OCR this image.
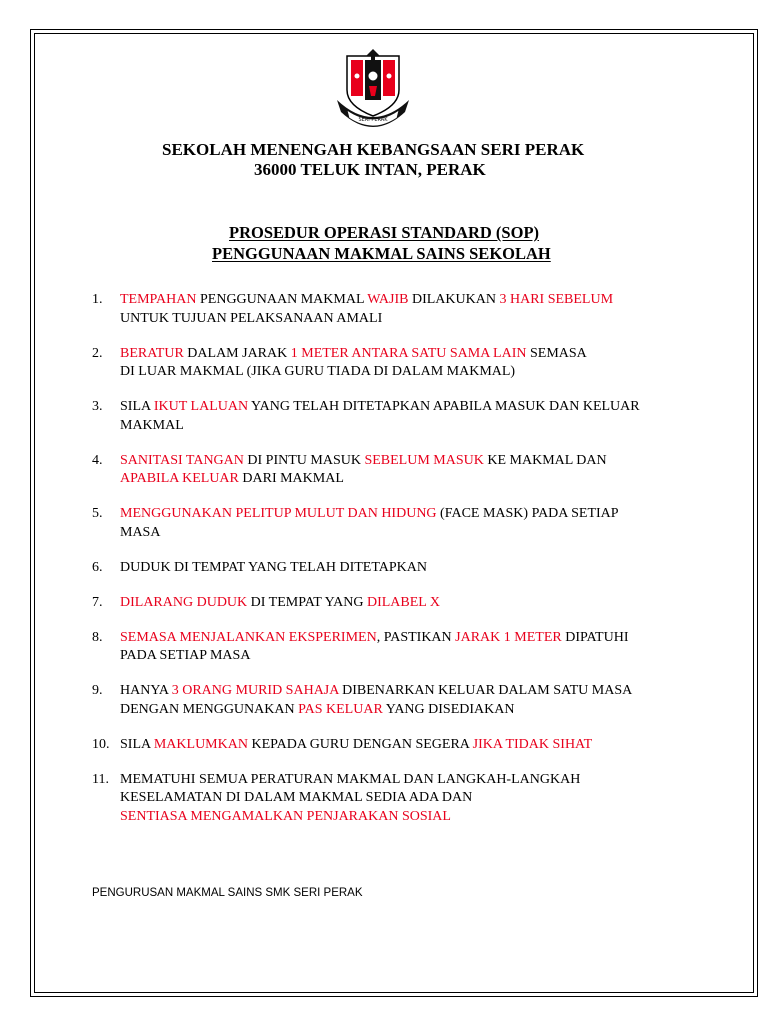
SERI PERAK
SEKOLAH MENENGAH KEBANGSAAN SERI PERAK
36000 TELUK INTAN, PERAK
PROSEDUR OPERASI STANDARD (SOP)
PENGGUNAAN MAKMAL SAINS SEKOLAH
1.	TEMPAHAN PENGGUNAAN MAKMAL WAJIB DILAKUKAN 3 HARI SEBELUM
UNTUK TUJUAN PELAKSANAAN AMALI
2.	BERATUR DALAM JARAK 1 METER ANTARA SATU SAMA LAIN SEMASA
DI LUAR MAKMAL (JIKA GURU TIADA DI DALAM MAKMAL)
3.	SILA IKUT LALUAN YANG TELAH DITETAPKAN APABILA MASUK DAN KELUAR
MAKMAL
4.	SANITASI TANGAN DI PINTU MASUK SEBELUM MASUK KE MAKMAL DAN
APABILA KELUAR DARI MAKMAL
5.	MENGGUNAKAN PELITUP MULUT DAN HIDUNG (FACE MASK) PADA SETIAP
MASA
6.	DUDUK DI TEMPAT YANG TELAH DITETAPKAN
7.	DILARANG DUDUK DI TEMPAT YANG DILABEL X
8.	SEMASA MENJALANKAN EKSPERIMEN, PASTIKAN JARAK 1 METER DIPATUHI
PADA SETIAP MASA
9.	HANYA 3 ORANG MURID SAHAJA DIBENARKAN KELUAR DALAM SATU MASA
DENGAN MENGGUNAKAN PAS KELUAR YANG DISEDIAKAN
10. SILA MAKLUMKAN KEPADA GURU DENGAN SEGERA JIKA TIDAK SIHAT
11. MEMATUHI SEMUA PERATURAN MAKMAL DAN LANGKAH-LANGKAH
KESELAMATAN DI DALAM MAKMAL SEDIA ADA DAN
SENTIASA MENGAMALKAN PENJARAKAN SOSIAL
PENGURUSAN MAKMAL SAINS SMK SERI PERAK
